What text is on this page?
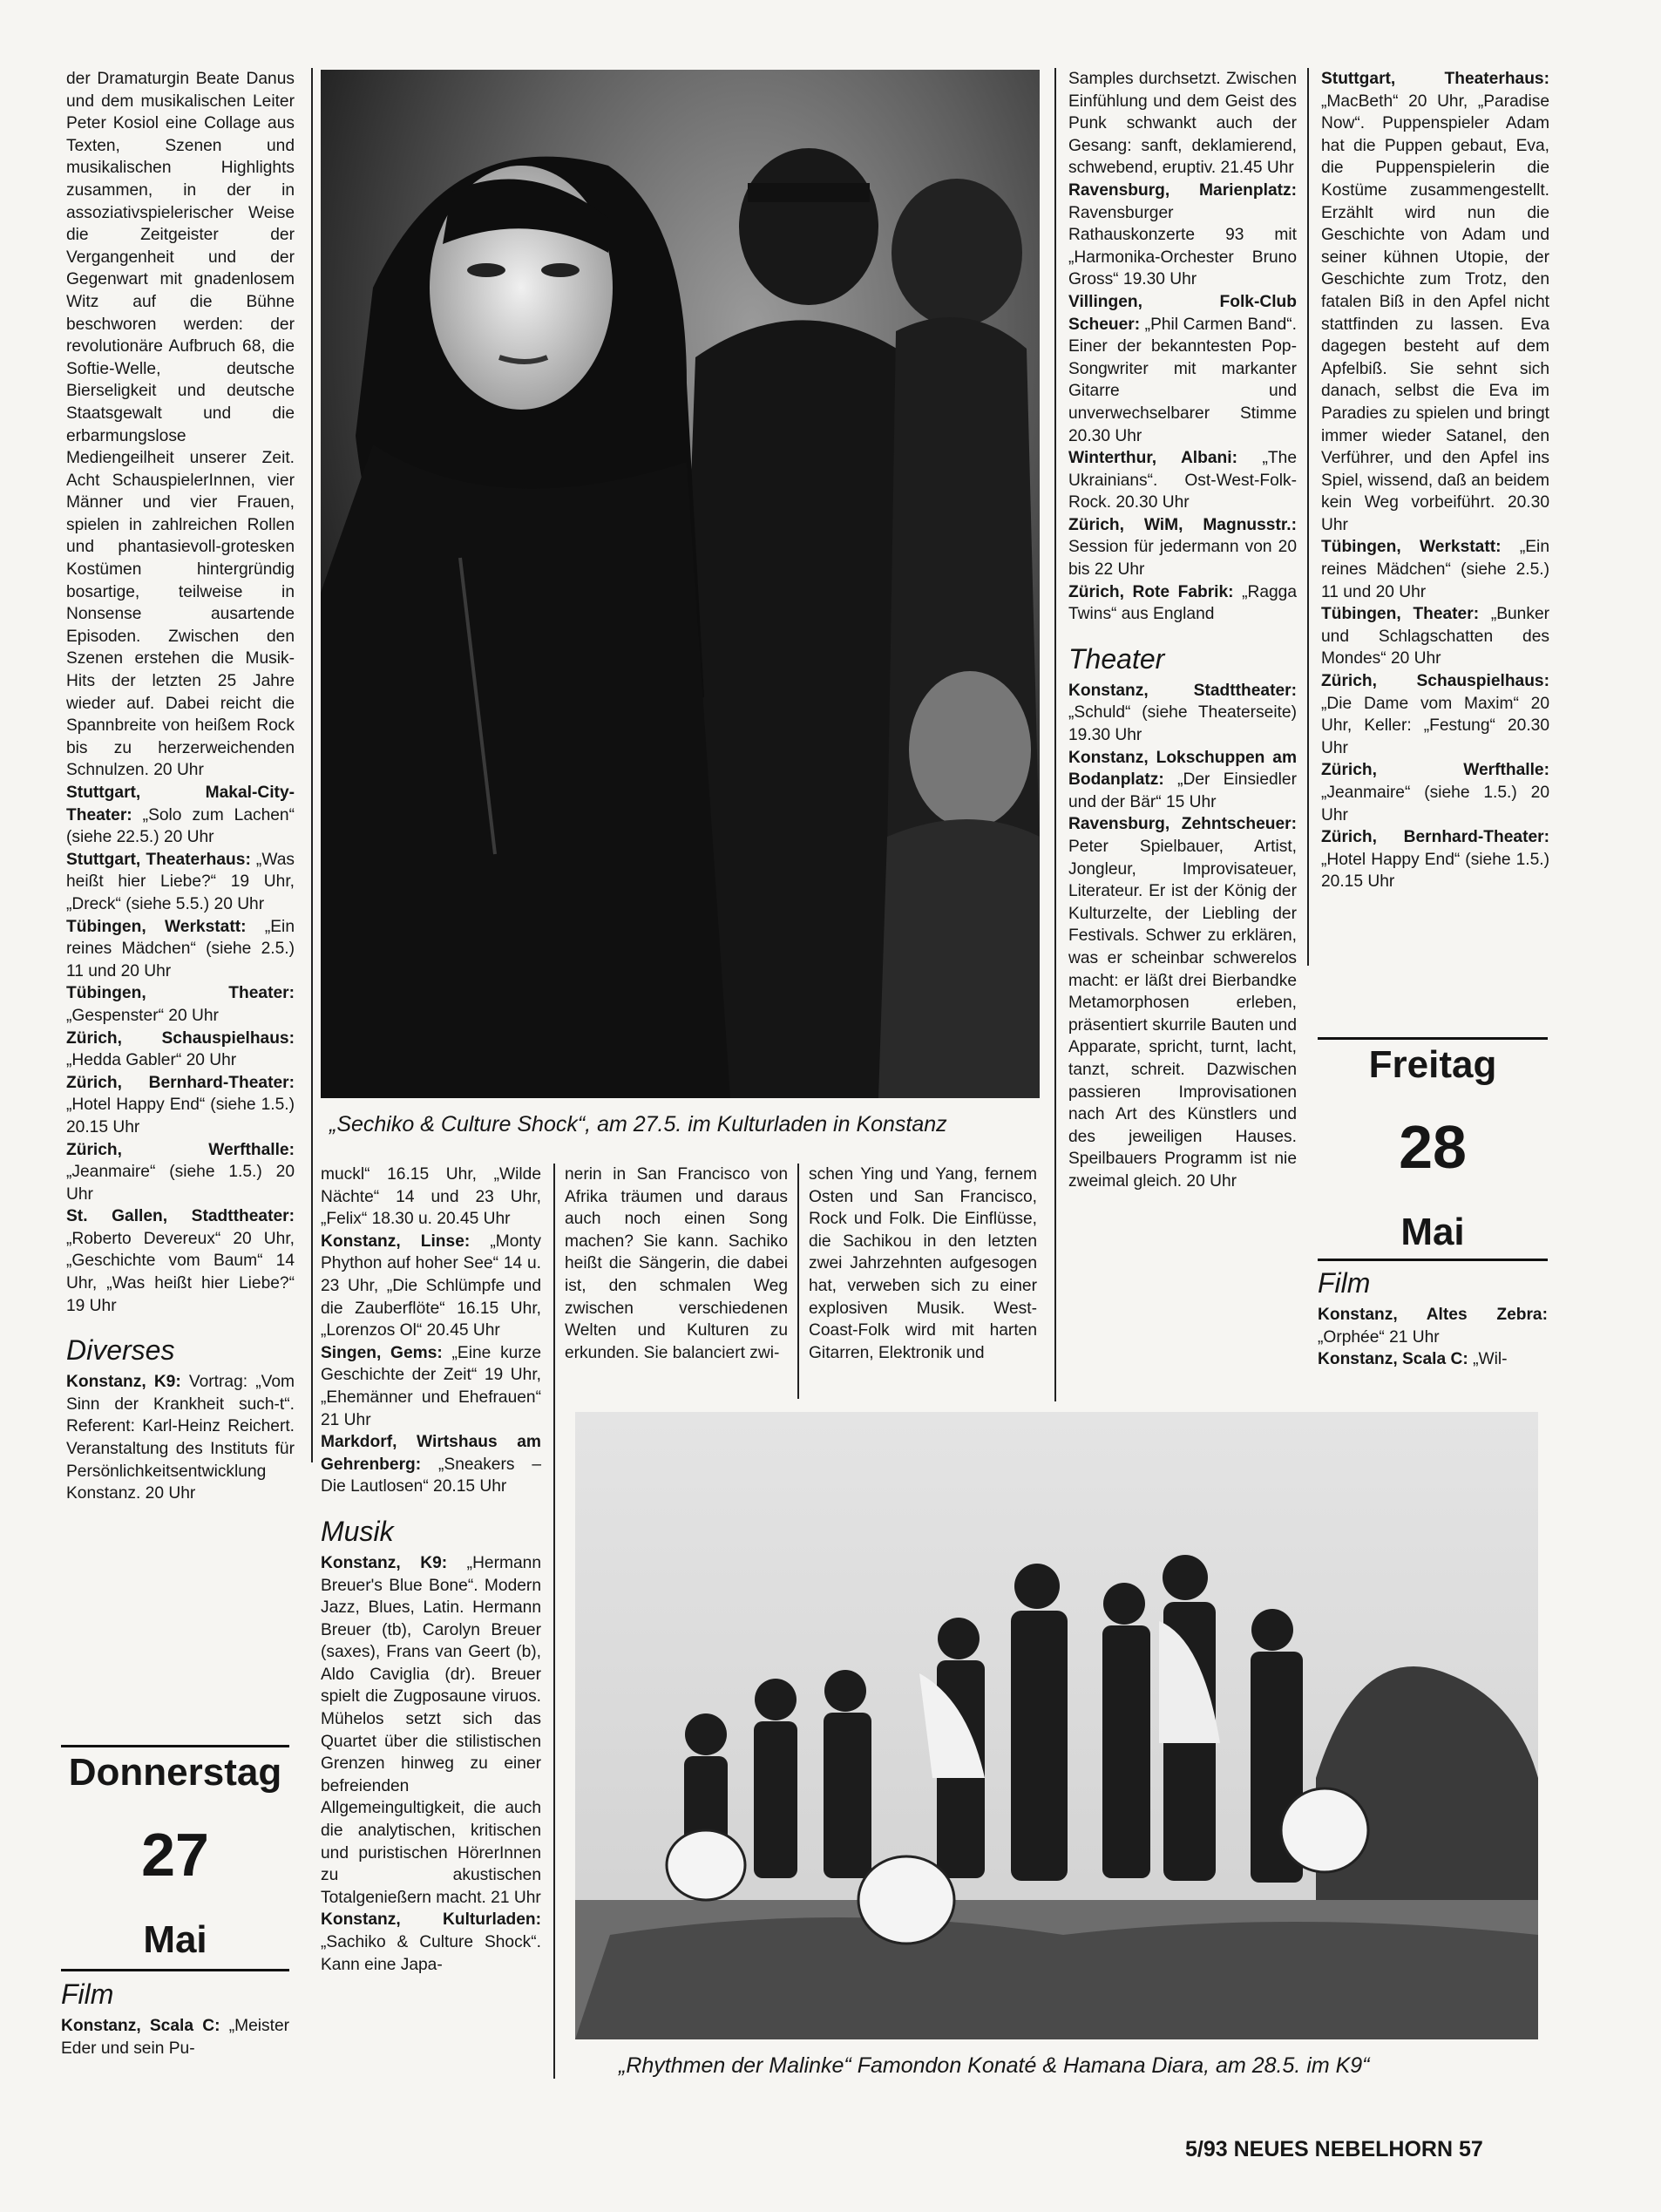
der Dramaturgin Beate Danus und dem musikalischen Leiter Peter Kosiol eine Collage aus Texten, Szenen und musikalischen Highlights zusammen, in der in assoziativspielerischer Weise die Zeitgeister der Vergangenheit und der Gegenwart mit gnadenlosem Witz auf die Bühne beschworen werden: der revolutionäre Aufbruch 68, die Softie-Welle, deutsche Bierseligkeit und deutsche Staatsgewalt und die erbarmungslose Mediengeilheit unserer Zeit. Acht SchauspielerInnen, vier Männer und vier Frauen, spielen in zahlreichen Rollen und phantasievoll-grotesken Kostümen hintergründig bosartige, teilweise in Nonsense ausartende Episoden. Zwischen den Szenen erstehen die Musik-Hits der letzten 25 Jahre wieder auf. Dabei reicht die Spannbreite von heißem Rock bis zu herzerweichenden Schnulzen. 20 Uhr

Stuttgart, Makal-City-Theater: „Solo zum Lachen“ (siehe 22.5.) 20 Uhr

Stuttgart, Theaterhaus: „Was heißt hier Liebe?“ 19 Uhr, „Dreck“ (siehe 5.5.) 20 Uhr

Tübingen, Werkstatt: „Ein reines Mädchen“ (siehe 2.5.) 11 und 20 Uhr

Tübingen, Theater: „Gespenster“ 20 Uhr

Zürich, Schauspielhaus: „Hedda Gabler“ 20 Uhr

Zürich, Bernhard-Theater: „Hotel Happy End“ (siehe 1.5.) 20.15 Uhr

Zürich, Werfthalle: „Jeanmaire“ (siehe 1.5.) 20 Uhr

St. Gallen, Stadttheater: „Roberto Devereux“ 20 Uhr, „Geschichte vom Baum“ 14 Uhr, „Was heißt hier Liebe?“ 19 Uhr

Diverses

Konstanz, K9: Vortrag: „Vom Sinn der Krankheit such-t“. Referent: Karl-Heinz Reichert. Veranstaltung des Instituts für Persönlichkeitsentwicklung Konstanz. 20 Uhr

Donnerstag
27
Mai
Film

Konstanz, Scala C: „Meister Eder und sein Pu-

„Sechiko & Culture Shock“, am 27.5. im Kulturladen in Konstanz

muckl“ 16.15 Uhr, „Wilde Nächte“ 14 und 23 Uhr, „Felix“ 18.30 u. 20.45 Uhr

Konstanz, Linse: „Monty Phython auf hoher See“ 14 u. 23 Uhr, „Die Schlümpfe und die Zauberflöte“ 16.15 Uhr, „Lorenzos Ol“ 20.45 Uhr

Singen, Gems: „Eine kurze Geschichte der Zeit“ 19 Uhr, „Ehemänner und Ehefrauen“ 21 Uhr

Markdorf, Wirtshaus am Gehrenberg: „Sneakers – Die Lautlosen“ 20.15 Uhr

Musik

Konstanz, K9: „Hermann Breuer's Blue Bone“. Modern Jazz, Blues, Latin. Hermann Breuer (tb), Carolyn Breuer (saxes), Frans van Geert (b), Aldo Caviglia (dr). Breuer spielt die Zugposaune viruos. Mühelos setzt sich das Quartet über die stilistischen Grenzen hinweg zu einer befreienden Allgemeingultigkeit, die auch die analytischen, kritischen und puristischen HörerInnen zu akustischen Totalgenießern macht. 21 Uhr

Konstanz, Kulturladen: „Sachiko & Culture Shock“. Kann eine Japa-

nerin in San Francisco von Afrika träumen und daraus auch noch einen Song machen? Sie kann. Sachiko heißt die Sängerin, die dabei ist, den schmalen Weg zwischen verschiedenen Welten und Kulturen zu erkunden. Sie balanciert zwi-

schen Ying und Yang, fernem Osten und San Francisco, Rock und Folk. Die Einflüsse, die Sachikou in den letzten zwei Jahrzehnten aufgesogen hat, verweben sich zu einer explosiven Musik. West-Coast-Folk wird mit harten Gitarren, Elektronik und

Samples durchsetzt. Zwischen Einfühlung und dem Geist des Punk schwankt auch der Gesang: sanft, deklamierend, schwebend, eruptiv. 21.45 Uhr

Ravensburg, Marienplatz: Ravensburger Rathauskonzerte 93 mit „Harmonika-Orchester Bruno Gross“ 19.30 Uhr

Villingen, Folk-Club Scheuer: „Phil Carmen Band“. Einer der bekanntesten Pop-Songwriter mit markanter Gitarre und unverwechselbarer Stimme 20.30 Uhr

Winterthur, Albani: „The Ukrainians“. Ost-West-Folk-Rock. 20.30 Uhr

Zürich, WiM, Magnusstr.: Session für jedermann von 20 bis 22 Uhr

Zürich, Rote Fabrik: „Ragga Twins“ aus England

Theater

Konstanz, Stadttheater: „Schuld“ (siehe Theaterseite) 19.30 Uhr

Konstanz, Lokschuppen am Bodanplatz: „Der Einsiedler und der Bär“ 15 Uhr

Ravensburg, Zehntscheuer: Peter Spielbauer, Artist, Jongleur, Improvisateuer, Literateur. Er ist der König der Kulturzelte, der Liebling der Festivals. Schwer zu erklären, was er scheinbar schwerelos macht: er läßt drei Bierbandke Metamorphosen erleben, präsentiert skurrile Bauten und Apparate, spricht, turnt, lacht, tanzt, schreit. Dazwischen passieren Improvisationen nach Art des Künstlers und des jeweiligen Hauses. Speilbauers Programm ist nie zweimal gleich. 20 Uhr

Stuttgart, Theaterhaus: „MacBeth“ 20 Uhr, „Paradise Now“. Puppenspieler Adam hat die Puppen gebaut, Eva, die Puppenspielerin die Kostüme zusammengestellt. Erzählt wird nun die Geschichte von Adam und seiner kühnen Utopie, der Geschichte zum Trotz, den fatalen Biß in den Apfel nicht stattfinden zu lassen. Eva dagegen besteht auf dem Apfelbiß. Sie sehnt sich danach, selbst die Eva im Paradies zu spielen und bringt immer wieder Satanel, den Verführer, und den Apfel ins Spiel, wissend, daß an beidem kein Weg vorbeiführt. 20.30 Uhr

Tübingen, Werkstatt: „Ein reines Mädchen“ (siehe 2.5.) 11 und 20 Uhr

Tübingen, Theater: „Bunker und Schlagschatten des Mondes“ 20 Uhr

Zürich, Schauspielhaus: „Die Dame vom Maxim“ 20 Uhr, Keller: „Festung“ 20.30 Uhr

Zürich, Werfthalle: „Jeanmaire“ (siehe 1.5.) 20 Uhr

Zürich, Bernhard-Theater: „Hotel Happy End“ (siehe 1.5.) 20.15 Uhr

Freitag
28
Mai
Film

Konstanz, Altes Zebra: „Orphée“ 21 Uhr

Konstanz, Scala C: „Wil-

„Rhythmen der Malinke“ Famondon Konaté & Hamana Diara, am 28.5. im K9“
5/93 NEUES NEBELHORN 57
